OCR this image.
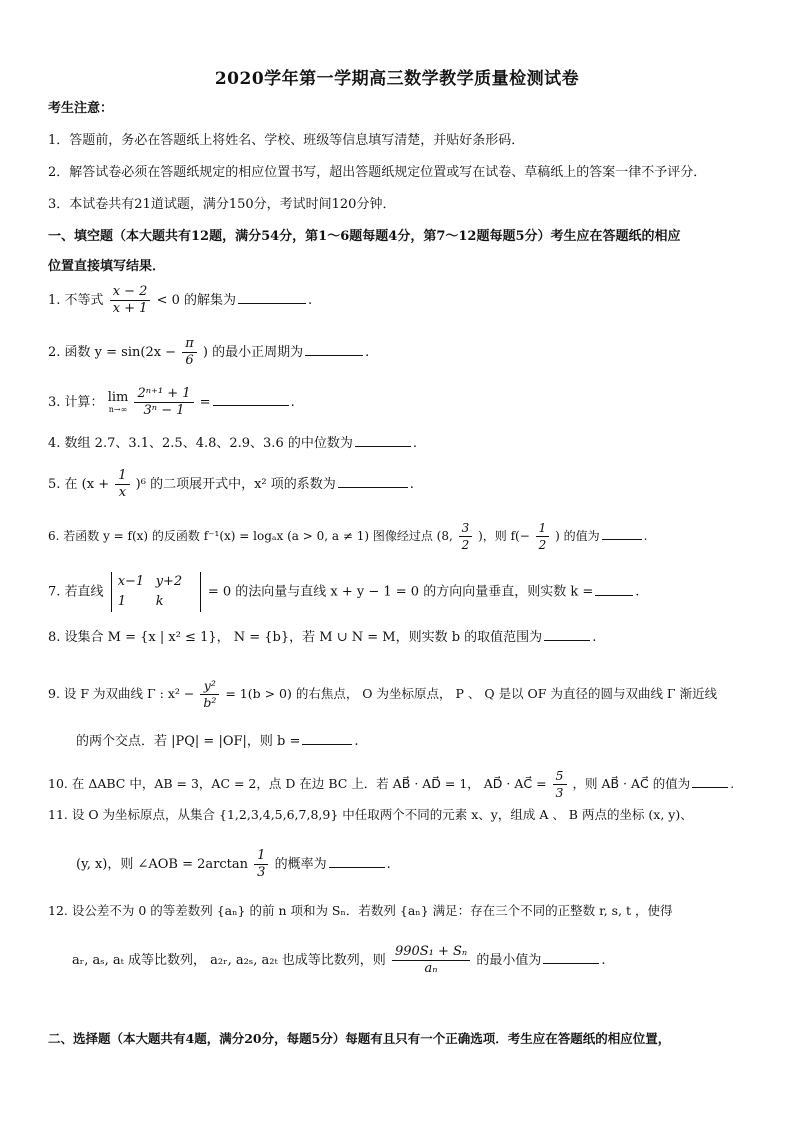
2020学年第一学期高三数学教学质量检测试卷
考生注意：
1．答题前，务必在答题纸上将姓名、学校、班级等信息填写清楚，并贴好条形码．
2．解答试卷必须在答题纸规定的相应位置书写，超出答题纸规定位置或写在试卷、草稿纸上的答案一律不予评分．
3．本试卷共有21道试题，满分150分，考试时间120分钟．
一、填空题（本大题共有12题，满分54分，第1～6题每题4分，第7～12题每题5分）考生应在答题纸的相应
位置直接填写结果．
1. 不等式 $\frac{x - 2}{x + 1} < 0$ 的解集为	.
2. 函数 $y = \sin(2x - \frac{\pi}{6}$ ) 的最小正周期为	.
3. 计算： lim
n→∞
$\frac{\text{2ⁿ⁺¹ + 1}}{\text{3ⁿ − 1}}$ =	.
4. 数组 2.7、3.1、2.5、4.8、2.9、3.6 的中位数为	.
5. 在 $(x + \frac{1}{x} )^6$ 的二项展开式中，x² 项的系数为	.
6. 若函数 y = f(x) 的反函数 f⁻¹(x) = logₐx (a > 0, a ≠ 1) 图像经过点 (8, $\frac{3}{2}$ )，则 $f(- \frac{1}{2}$ ) 的值为	.
7. 若直线
x−1 y+2
1 k
= 0 的法向量与直线 x + y − 1 = 0 的方向向量垂直，则实数 k =	.
8. 设集合 M = {x | x² ≤ 1}， N = {b}，若 M ∪ N = M，则实数 b 的取值范围为	.
9. 设 F 为双曲线 Γ : $x^2 - \frac{\text{y²}}{\text{b²}} = 1(b > 0)$ 的右焦点， O 为坐标原点， P 、 Q 是以 OF 为直径的圆与双曲线 Γ 渐近线
的两个交点．若 |PQ| = |OF|，则 b =	.
10. 在 ΔABC 中，AB = 3，AC = 2，点 D 在边 BC 上．若 AB⃗ · AD⃗ = 1， AD⃗ · AC⃗ = $\frac{5}{3}$ ，则 AB⃗ · AC⃗ 的值为	.
11. 设 O 为坐标原点，从集合 {1,2,3,4,5,6,7,8,9} 中任取两个不同的元素 x、y，组成 A 、 B 两点的坐标 (x, y)、
(y, x)，则 ∠AOB = $2\arctan \frac{1}{3}$ 的概率为	.
12. 设公差不为 0 的等差数列 {aₙ} 的前 n 项和为 Sₙ．若数列 {aₙ} 满足：存在三个不同的正整数 r, s, t ，使得
aᵣ, aₛ, aₜ 成等比数列， a₂ᵣ, a₂ₛ, a₂ₜ 也成等比数列，则 $\frac{\text{990S₁ + Sₙ}}{\text{aₙ}}$ 的最小值为	.
二、选择题（本大题共有4题，满分20分，每题5分）每题有且只有一个正确选项．考生应在答题纸的相应位置，
